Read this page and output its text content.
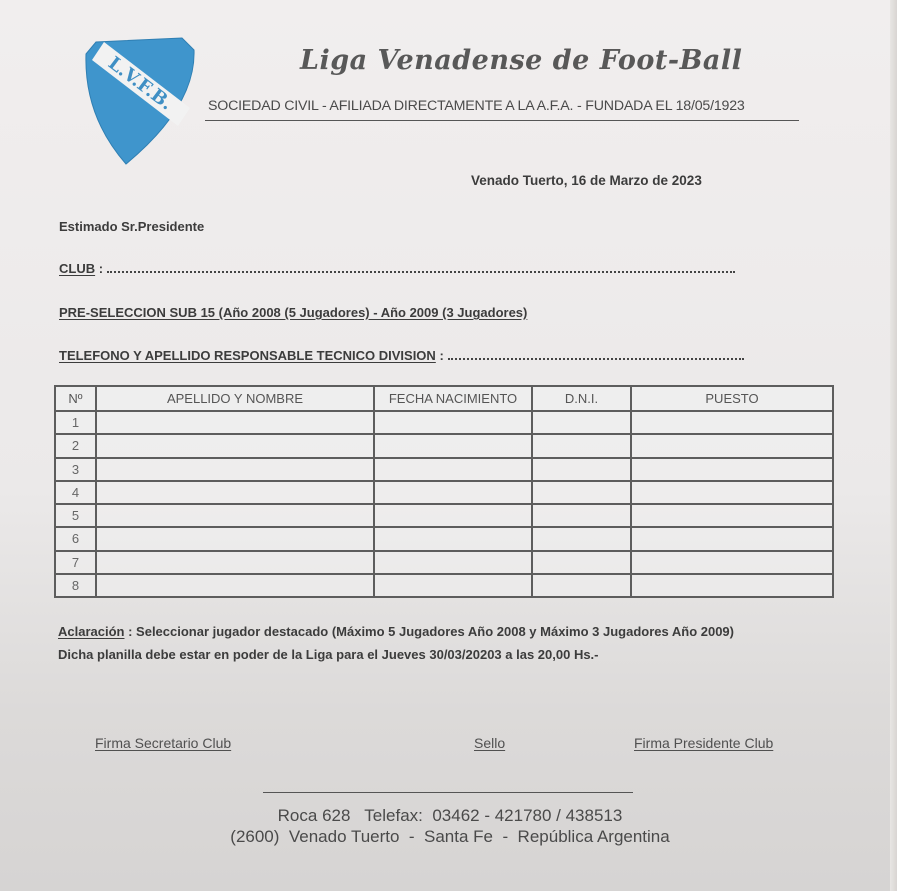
L.V.F.B.	Liga Venadense de Foot-Ball
SOCIEDAD CIVIL - AFILIADA DIRECTAMENTE A LA A.F.A. - FUNDADA EL 18/05/1923
Venado Tuerto, 16 de Marzo de 2023
Estimado Sr.Presidente
CLUB :
PRE-SELECCION SUB 15 (Año 2008 (5 Jugadores) - Año 2009 (3 Jugadores)
TELEFONO Y APELLIDO RESPONSABLE TECNICO DIVISION :
Nº	APELLIDO Y NOMBRE	FECHA NACIMIENTO	D.N.I.	PUESTO
1				
2				
3				
4				
5				
6				
7				
8				
Aclaración : Seleccionar jugador destacado (Máximo 5 Jugadores Año 2008 y Máximo 3 Jugadores Año 2009)
Dicha planilla debe estar en poder de la Liga para el Jueves 30/03/20203 a las 20,00 Hs.-
Firma Secretario Club	Sello	Firma Presidente Club
Roca 628   Telefax:  03462 - 421780 / 438513
(2600)  Venado Tuerto  -  Santa Fe  -  República Argentina
